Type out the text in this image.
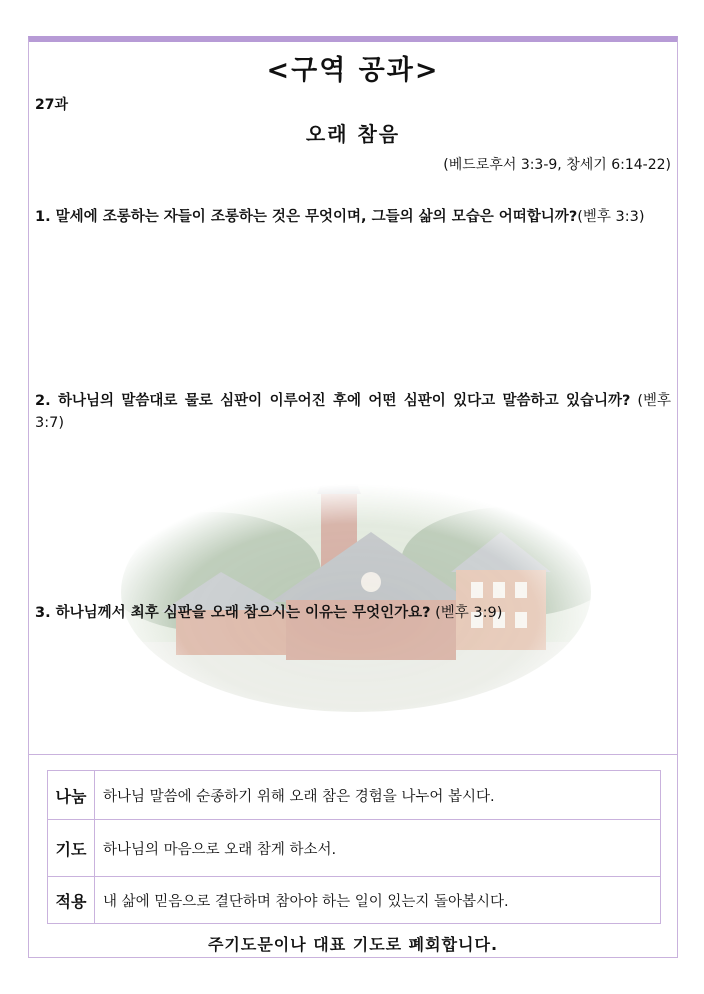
<구역 공과>
27과
오래 참음
(베드로후서 3:3-9, 창세기 6:14-22)
1. 말세에 조롱하는 자들이 조롱하는 것은 무엇이며, 그들의 삶의 모습은 어떠합니까?(벧후 3:3)
2. 하나님의 말씀대로 물로 심판이 이루어진 후에 어떤 심판이 있다고 말씀하고 있습니까? (벧후 3:7)
3. 하나님께서 최후 심판을 오래 참으시는 이유는 무엇인가요? (벧후 3:9)
나눔	하나님 말씀에 순종하기 위해 오래 참은 경험을 나누어 봅시다.
기도	하나님의 마음으로 오래 참게 하소서.
적용	내 삶에 믿음으로 결단하며 참아야 하는 일이 있는지 돌아봅시다.
주기도문이나 대표 기도로 폐회합니다.
